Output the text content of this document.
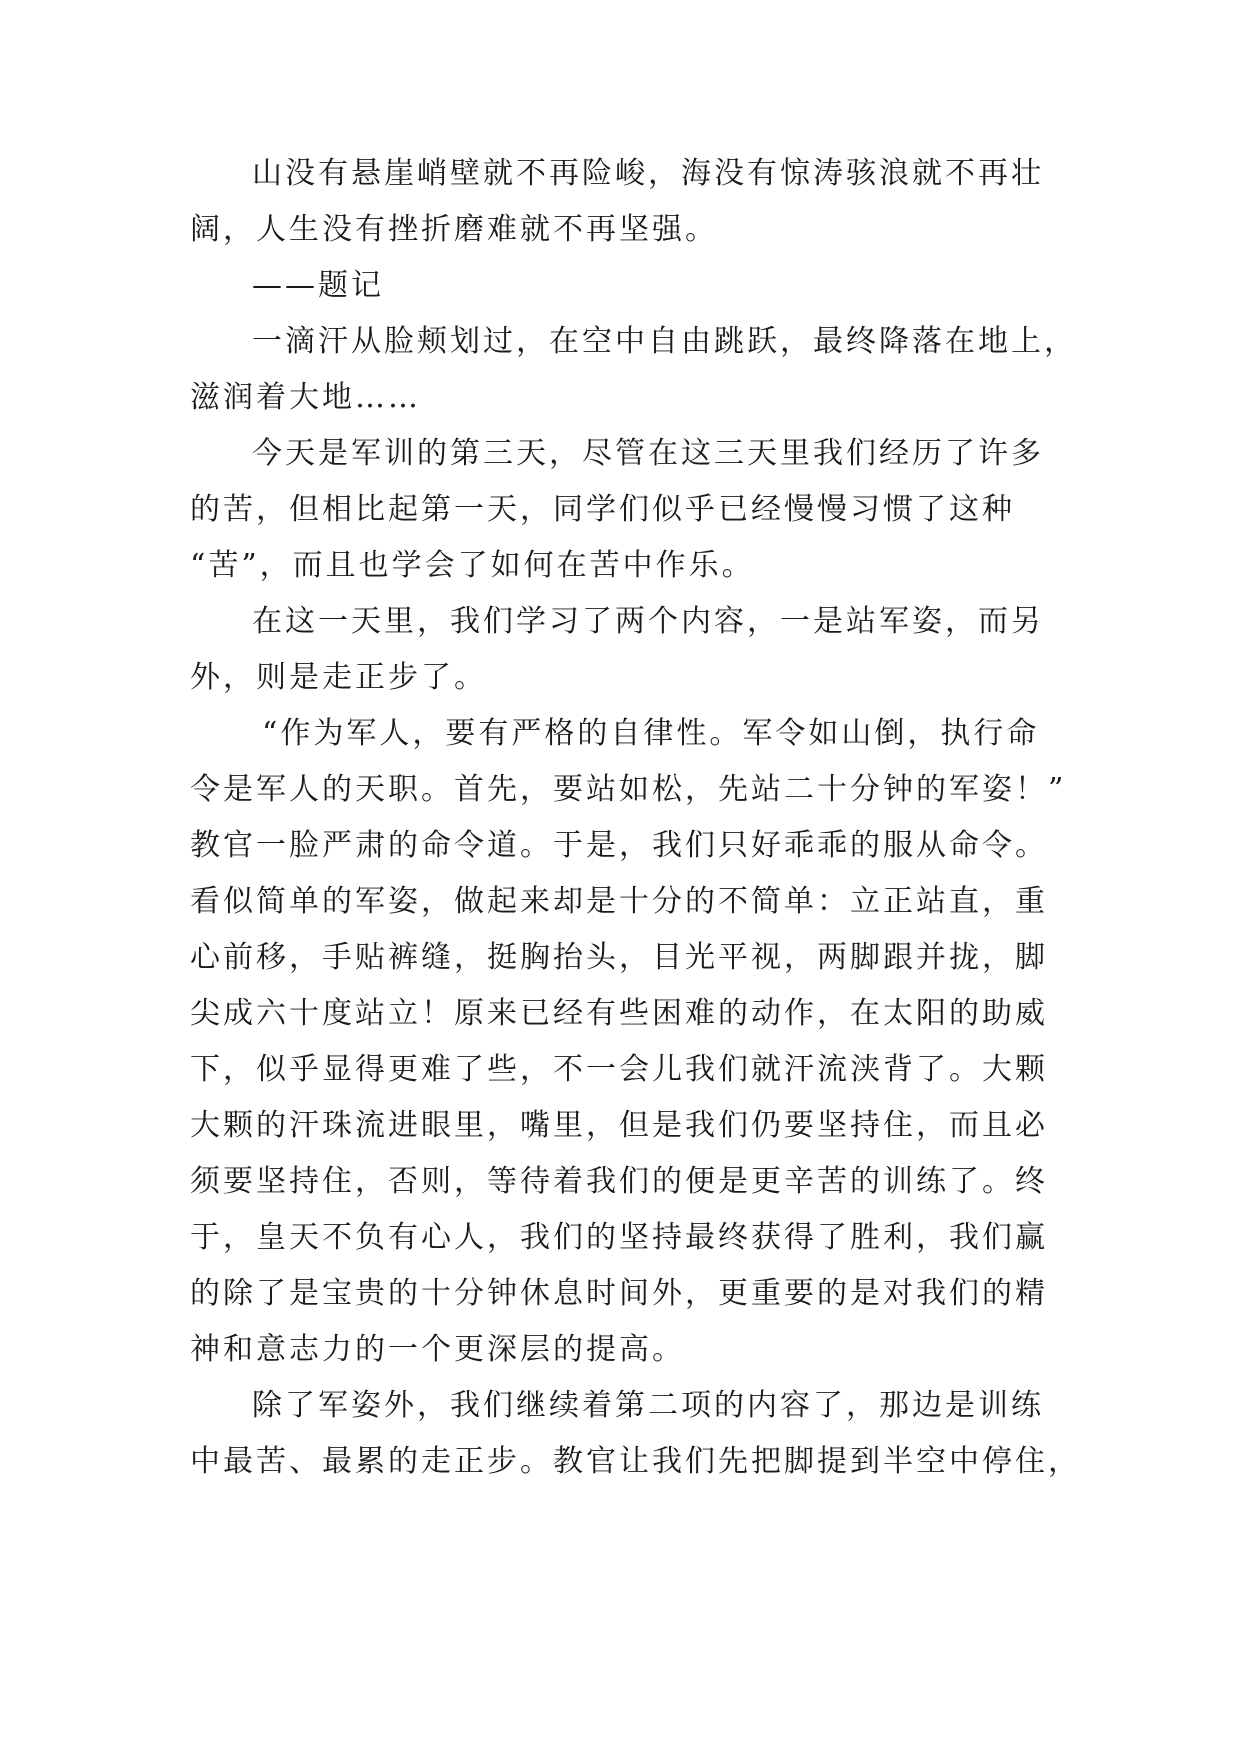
山没有悬崖峭壁就不再险峻，海没有惊涛骇浪就不再壮
阔，人生没有挫折磨难就不再坚强。
——题记
一滴汗从脸颊划过，在空中自由跳跃，最终降落在地上，
滋润着大地……
今天是军训的第三天，尽管在这三天里我们经历了许多
的苦，但相比起第一天，同学们似乎已经慢慢习惯了这种
“苦”，而且也学会了如何在苦中作乐。
在这一天里，我们学习了两个内容，一是站军姿，而另
外，则是走正步了。
“作为军人，要有严格的自律性。军令如山倒，执行命
令是军人的天职。首先，要站如松，先站二十分钟的军姿！”
教官一脸严肃的命令道。于是，我们只好乖乖的服从命令。
看似简单的军姿，做起来却是十分的不简单：立正站直，重
心前移，手贴裤缝，挺胸抬头，目光平视，两脚跟并拢，脚
尖成六十度站立！原来已经有些困难的动作，在太阳的助威
下，似乎显得更难了些，不一会儿我们就汗流浃背了。大颗
大颗的汗珠流进眼里，嘴里，但是我们仍要坚持住，而且必
须要坚持住，否则，等待着我们的便是更辛苦的训练了。终
于，皇天不负有心人，我们的坚持最终获得了胜利，我们赢
的除了是宝贵的十分钟休息时间外，更重要的是对我们的精
神和意志力的一个更深层的提高。
除了军姿外，我们继续着第二项的内容了，那边是训练
中最苦、最累的走正步。教官让我们先把脚提到半空中停住，
